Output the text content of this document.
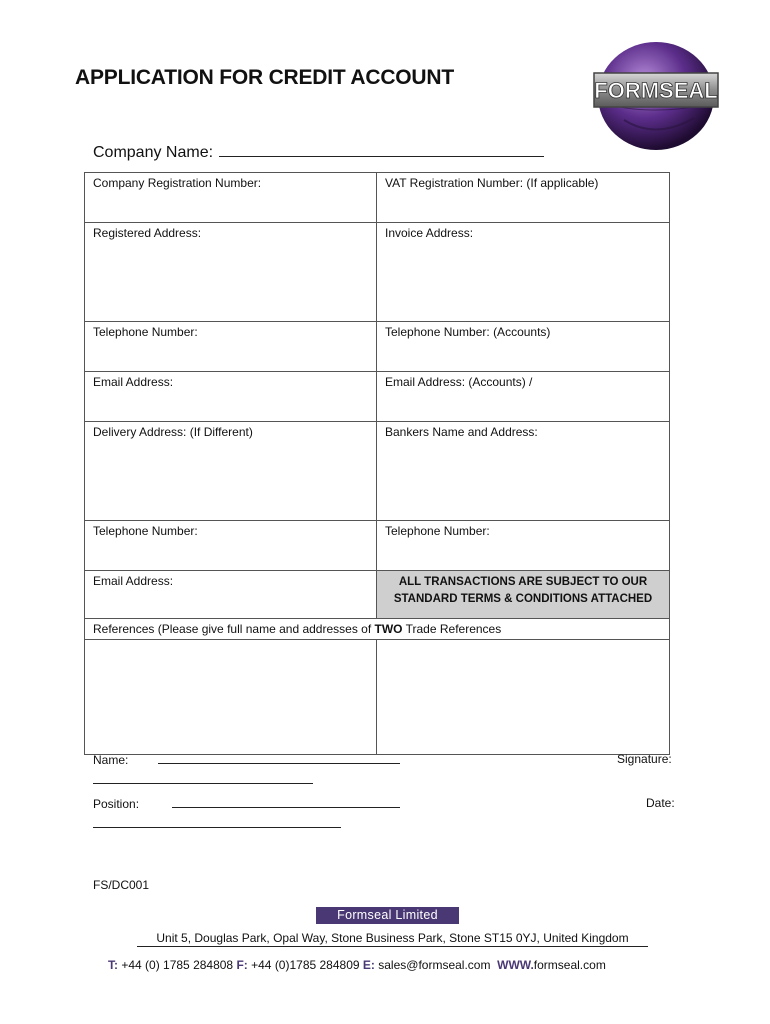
APPLICATION FOR CREDIT ACCOUNT
FORMSEAL
Company Name:
Company Registration Number:	VAT Registration Number: (If applicable)
Registered Address:	Invoice Address:
Telephone Number:	Telephone Number: (Accounts)
Email Address:	Email Address: (Accounts) /
Delivery Address: (If Different)	Bankers Name and Address:
Telephone Number:	Telephone Number:
Email Address:	ALL TRANSACTIONS ARE SUBJECT TO OUR
STANDARD TERMS & CONDITIONS ATTACHED
References (Please give full name and addresses of TWO Trade References	

Name:	Signature:
Position:	Date:
FS/DC001
Formseal Limited
Unit 5, Douglas Park, Opal Way, Stone Business Park, Stone ST15 0YJ, United Kingdom
T: +44 (0) 1785 284808 F: +44 (0)1785 284809 E: sales@formseal.com WWW.formseal.com
